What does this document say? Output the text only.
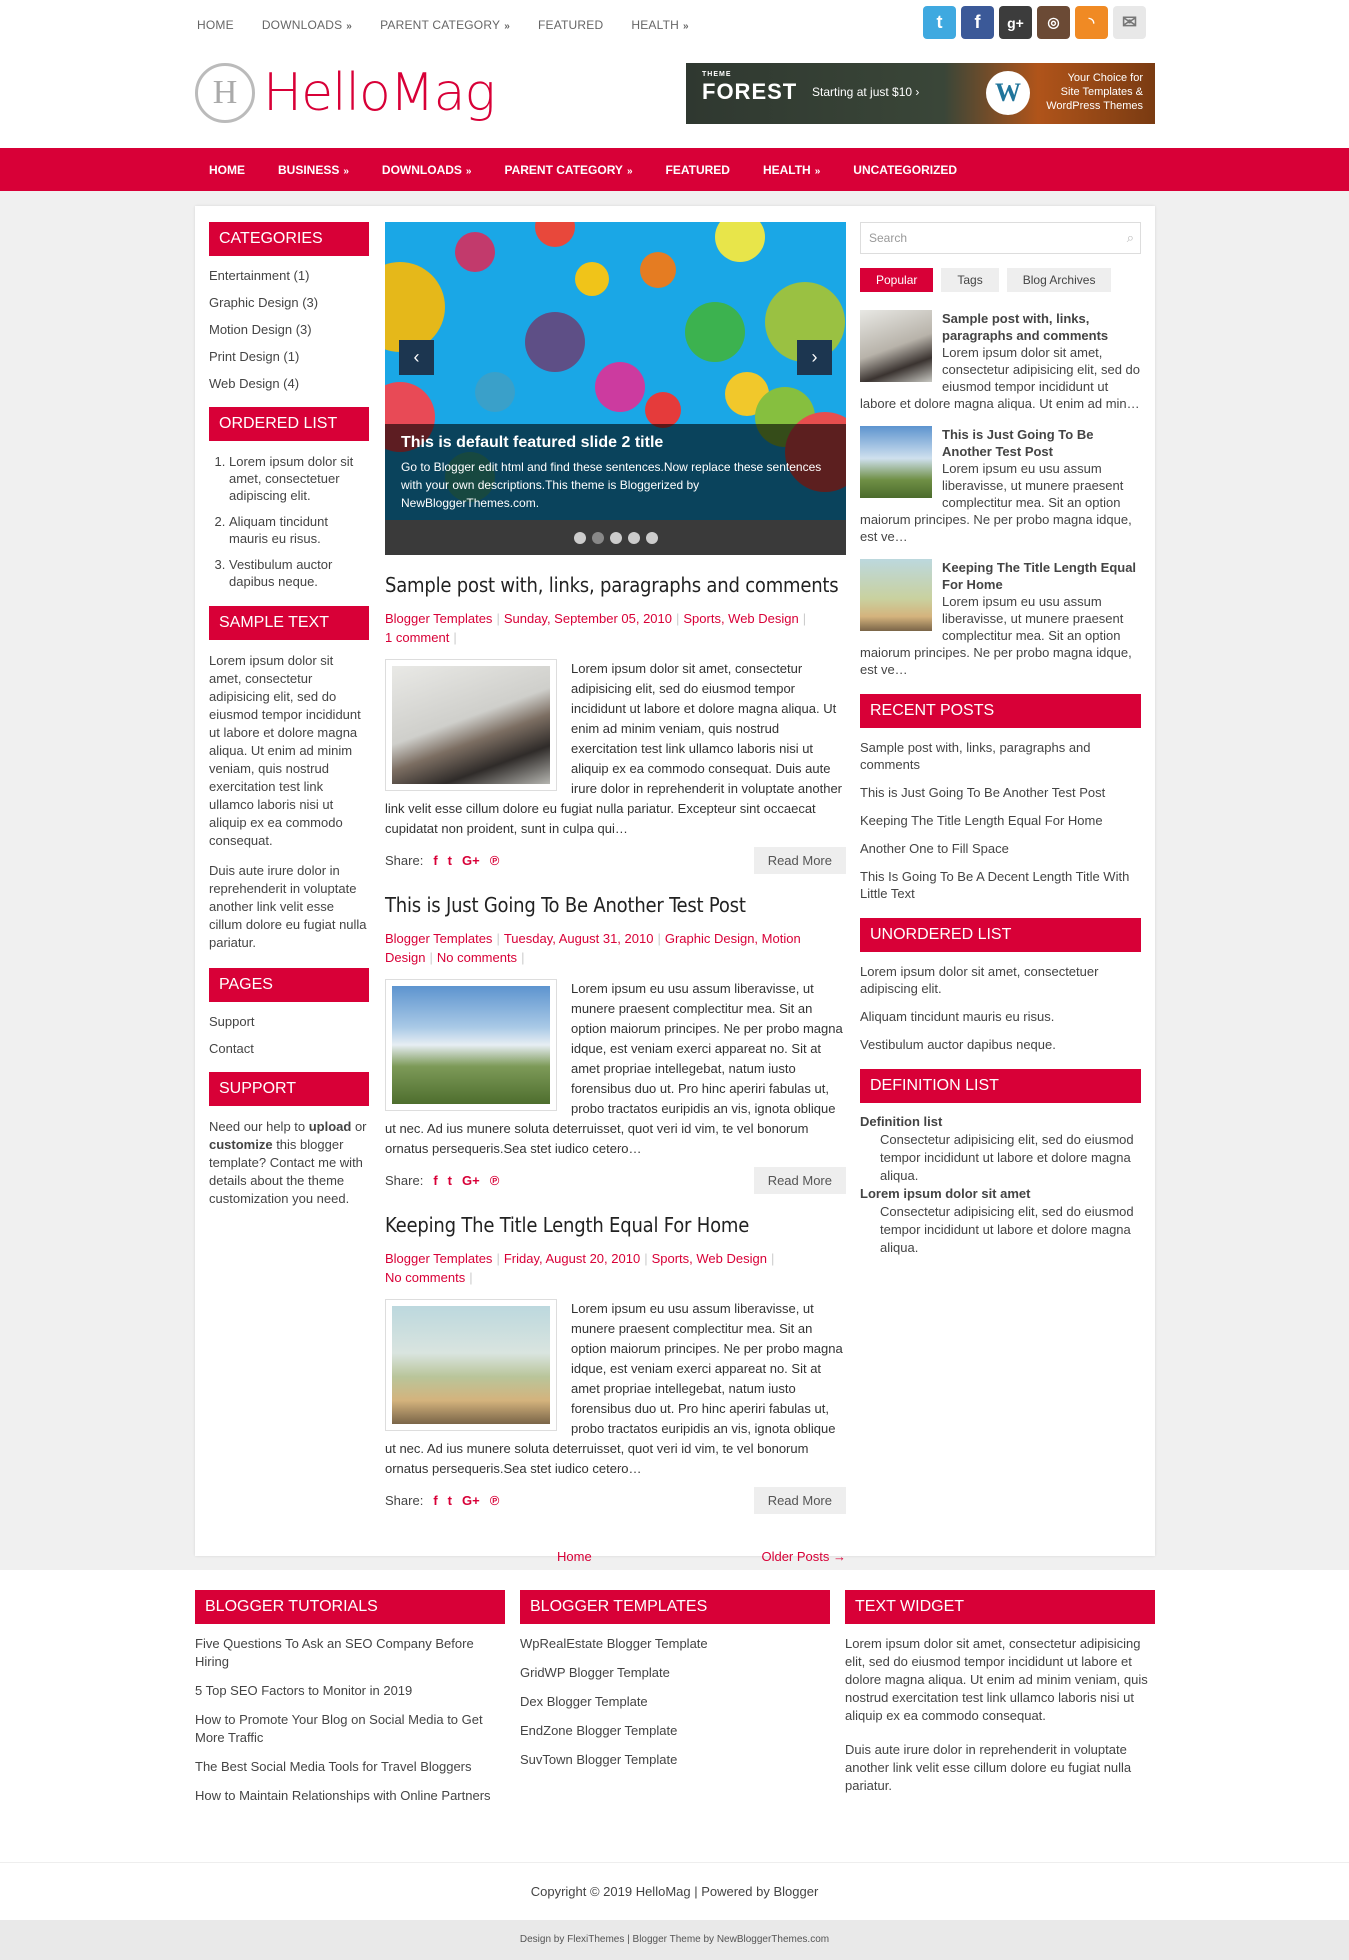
HOME DOWNLOADS » PARENT CATEGORY » FEATURED HEALTH »	t	f	g+	◎	◝	✉
H HelloMag	THEME
FOREST Starting at just $10 ›	W	Your Choice for
Site Templates &
WordPress Themes
HOME	BUSINESS »	DOWNLOADS »	PARENT CATEGORY »	FEATURED	HEALTH »	UNCATEGORIZED
CATEGORIES
Entertainment (1)
Graphic Design (3)
Motion Design (3)
Print Design (1)
Web Design (4)
ORDERED LIST
1. Lorem ipsum dolor sit amet, consectetuer adipiscing elit.
2. Aliquam tincidunt mauris eu risus.
3. Vestibulum auctor dapibus neque.
SAMPLE TEXT

Lorem ipsum dolor sit amet, consectetur adipisicing elit, sed do eiusmod tempor incididunt ut labore et dolore magna aliqua. Ut enim ad minim veniam, quis nostrud exercitation test link ullamco laboris nisi ut aliquip ex ea commodo consequat.

Duis aute irure dolor in reprehenderit in voluptate another link velit esse cillum dolore eu fugiat nulla pariatur.

PAGES
Support
Contact
SUPPORT

Need our help to upload or customize this blogger template? Contact me with details about the theme customization you need.

‹	›
This is default featured slide 2 title

Go to Blogger edit html and find these sentences.Now replace these sentences with your own descriptions.This theme is Bloggerized by NewBloggerThemes.com.

Sample post with, links, paragraphs and comments
Blogger Templates | Sunday, September 05, 2010 | Sports, Web Design |
1 comment |
Lorem ipsum dolor sit amet, consectetur adipisicing elit, sed do eiusmod tempor incididunt ut labore et dolore magna aliqua. Ut enim ad minim veniam, quis nostrud exercitation test link ullamco laboris nisi ut aliquip ex ea commodo consequat. Duis aute irure dolor in reprehenderit in voluptate another link velit esse cillum dolore eu fugiat nulla pariatur. Excepteur sint occaecat cupidatat non proident, sunt in culpa qui…
Share: f t G+ ℗	Read More
This is Just Going To Be Another Test Post
Blogger Templates | Tuesday, August 31, 2010 | Graphic Design, Motion Design | No comments |
Lorem ipsum eu usu assum liberavisse, ut munere praesent complectitur mea. Sit an option maiorum principes. Ne per probo magna idque, est veniam exerci appareat no. Sit at amet propriae intellegebat, natum iusto forensibus duo ut. Pro hinc aperiri fabulas ut, probo tractatos euripidis an vis, ignota oblique ut nec. Ad ius munere soluta deterruisset, quot veri id vim, te vel bonorum ornatus persequeris.Sea stet iudico cetero…
Share: f t G+ ℗	Read More
Keeping The Title Length Equal For Home
Blogger Templates | Friday, August 20, 2010 | Sports, Web Design |
No comments |
Lorem ipsum eu usu assum liberavisse, ut munere praesent complectitur mea. Sit an option maiorum principes. Ne per probo magna idque, est veniam exerci appareat no. Sit at amet propriae intellegebat, natum iusto forensibus duo ut. Pro hinc aperiri fabulas ut, probo tractatos euripidis an vis, ignota oblique ut nec. Ad ius munere soluta deterruisset, quot veri id vim, te vel bonorum ornatus persequeris.Sea stet iudico cetero…
Share: f t G+ ℗	Read More
Home	Older Posts →
Search	⌕
Popular	Tags	Blog Archives
Sample post with, links, paragraphs and comments
Lorem ipsum dolor sit amet, consectetur adipisicing elit, sed do eiusmod tempor incididunt ut labore et dolore magna aliqua. Ut enim ad min…
This is Just Going To Be Another Test Post
Lorem ipsum eu usu assum liberavisse, ut munere praesent complectitur mea. Sit an option maiorum principes. Ne per probo magna idque, est ve…
Keeping The Title Length Equal For Home
Lorem ipsum eu usu assum liberavisse, ut munere praesent complectitur mea. Sit an option maiorum principes. Ne per probo magna idque, est ve…
RECENT POSTS

Sample post with, links, paragraphs and comments

This is Just Going To Be Another Test Post

Keeping The Title Length Equal For Home

Another One to Fill Space

This Is Going To Be A Decent Length Title With Little Text

UNORDERED LIST

Lorem ipsum dolor sit amet, consectetuer adipiscing elit.

Aliquam tincidunt mauris eu risus.

Vestibulum auctor dapibus neque.

DEFINITION LIST
Definition list
Consectetur adipisicing elit, sed do eiusmod tempor incididunt ut labore et dolore magna aliqua.
Lorem ipsum dolor sit amet
Consectetur adipisicing elit, sed do eiusmod tempor incididunt ut labore et dolore magna aliqua.
BLOGGER TUTORIALS

Five Questions To Ask an SEO Company Before Hiring

5 Top SEO Factors to Monitor in 2019

How to Promote Your Blog on Social Media to Get More Traffic

The Best Social Media Tools for Travel Bloggers

How to Maintain Relationships with Online Partners

BLOGGER TEMPLATES

WpRealEstate Blogger Template

GridWP Blogger Template

Dex Blogger Template

EndZone Blogger Template

SuvTown Blogger Template

TEXT WIDGET

Lorem ipsum dolor sit amet, consectetur adipisicing elit, sed do eiusmod tempor incididunt ut labore et dolore magna aliqua. Ut enim ad minim veniam, quis nostrud exercitation test link ullamco laboris nisi ut aliquip ex ea commodo consequat.

Duis aute irure dolor in reprehenderit in voluptate another link velit esse cillum dolore eu fugiat nulla pariatur.

Copyright © 2019 HelloMag | Powered by Blogger
Design by FlexiThemes | Blogger Theme by NewBloggerThemes.com
